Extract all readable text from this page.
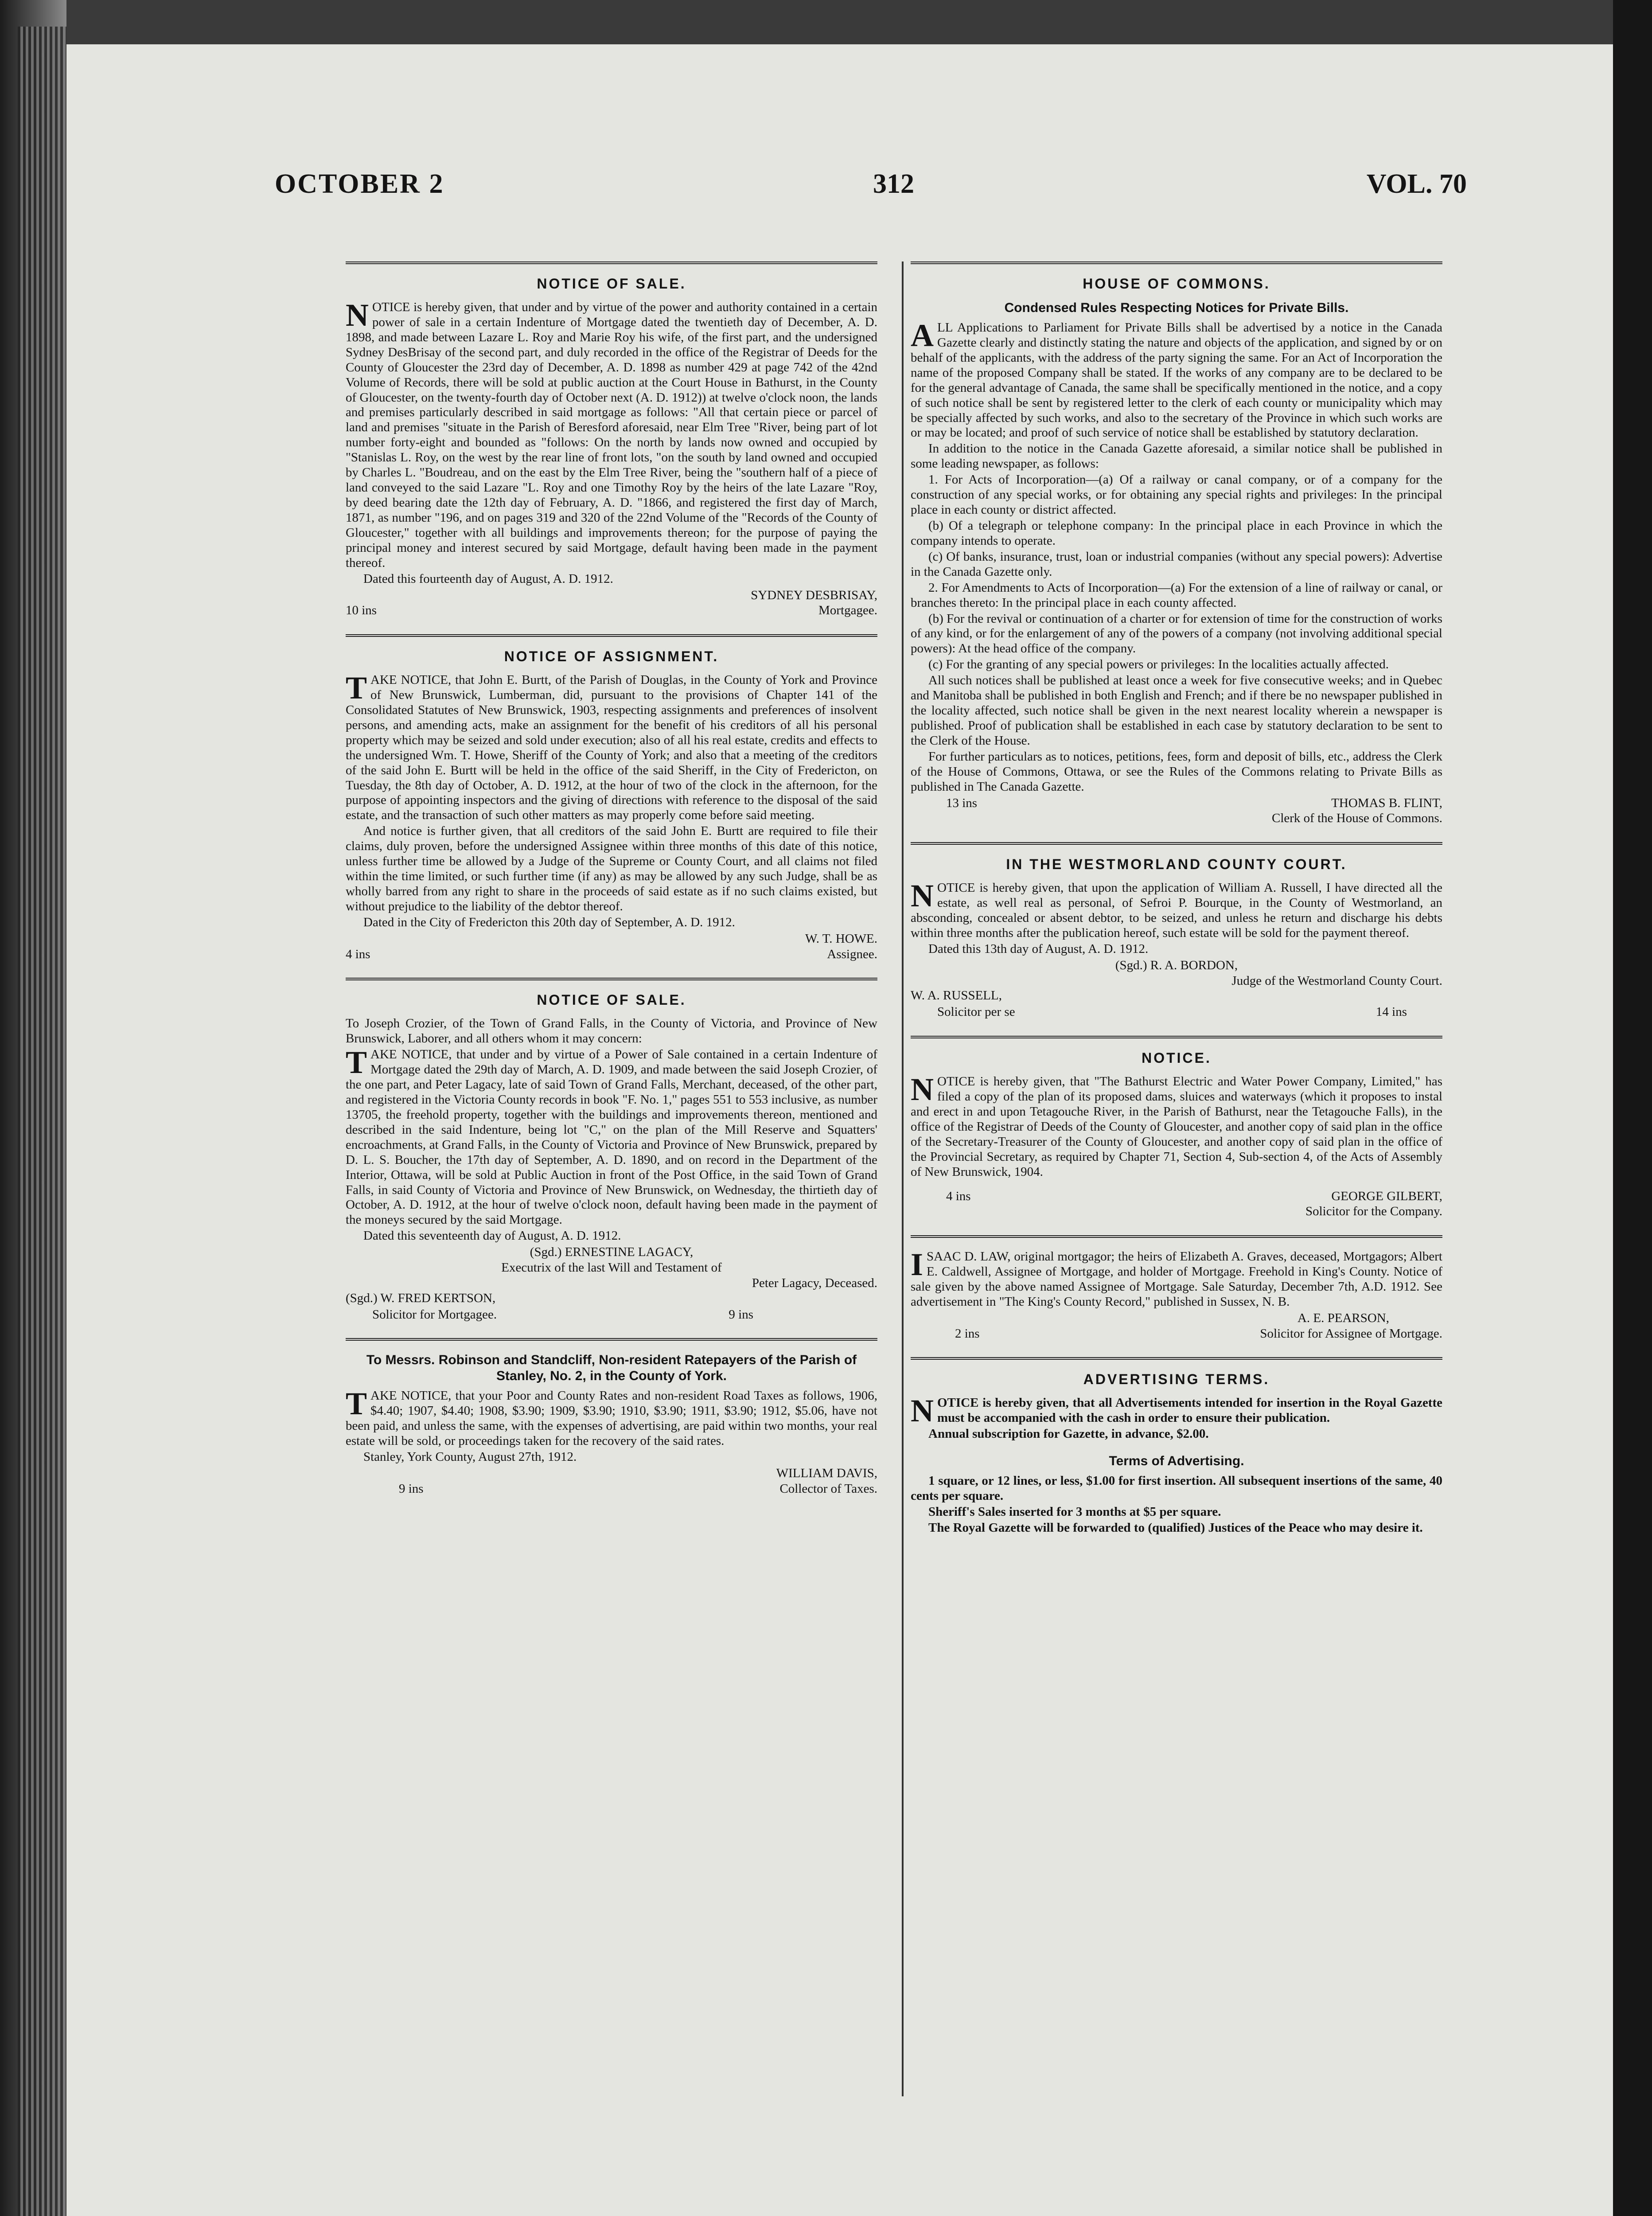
OCTOBER 2	312	VOL. 70
NOTICE OF SALE.
NOTICE is hereby given, that under and by virtue of the power and authority contained in a certain power of sale in a certain Indenture of Mortgage dated the twentieth day of December, A. D. 1898, and made between Lazare L. Roy and Marie Roy his wife, of the first part, and the undersigned Sydney DesBrisay of the second part, and duly recorded in the office of the Registrar of Deeds for the County of Gloucester the 23rd day of December, A. D. 1898 as number 429 at page 742 of the 42nd Volume of Records, there will be sold at public auction at the Court House in Bathurst, in the County of Gloucester, on the twenty-fourth day of October next (A. D. 1912)) at twelve o'clock noon, the lands and premises particularly described in said mortgage as follows: "All that certain piece or parcel of land and premises "situate in the Parish of Beresford aforesaid, near Elm Tree "River, being part of lot number forty-eight and bounded as "follows: On the north by lands now owned and occupied by "Stanislas L. Roy, on the west by the rear line of front lots, "on the south by land owned and occupied by Charles L. "Boudreau, and on the east by the Elm Tree River, being the "southern half of a piece of land conveyed to the said Lazare "L. Roy and one Timothy Roy by the heirs of the late Lazare "Roy, by deed bearing date the 12th day of February, A. D. "1866, and registered the first day of March, 1871, as number "196, and on pages 319 and 320 of the 22nd Volume of the "Records of the County of Gloucester," together with all buildings and improvements thereon; for the purpose of paying the principal money and interest secured by said Mortgage, default having been made in the payment thereof.
Dated this fourteenth day of August, A. D. 1912.
SYDNEY DESBRISAY,
10 ins	Mortgagee.
NOTICE OF ASSIGNMENT.
TAKE NOTICE, that John E. Burtt, of the Parish of Douglas, in the County of York and Province of New Brunswick, Lumberman, did, pursuant to the provisions of Chapter 141 of the Consolidated Statutes of New Brunswick, 1903, respecting assignments and preferences of insolvent persons, and amending acts, make an assignment for the benefit of his creditors of all his personal property which may be seized and sold under execution; also of all his real estate, credits and effects to the undersigned Wm. T. Howe, Sheriff of the County of York; and also that a meeting of the creditors of the said John E. Burtt will be held in the office of the said Sheriff, in the City of Fredericton, on Tuesday, the 8th day of October, A. D. 1912, at the hour of two of the clock in the afternoon, for the purpose of appointing inspectors and the giving of directions with reference to the disposal of the said estate, and the transaction of such other matters as may properly come before said meeting.
And notice is further given, that all creditors of the said John E. Burtt are required to file their claims, duly proven, before the undersigned Assignee within three months of this date of this notice, unless further time be allowed by a Judge of the Supreme or County Court, and all claims not filed within the time limited, or such further time (if any) as may be allowed by any such Judge, shall be as wholly barred from any right to share in the proceeds of said estate as if no such claims existed, but without prejudice to the liability of the debtor thereof.
Dated in the City of Fredericton this 20th day of September, A. D. 1912.
W. T. HOWE.
4 ins	Assignee.
NOTICE OF SALE.
To Joseph Crozier, of the Town of Grand Falls, in the County of Victoria, and Province of New Brunswick, Laborer, and all others whom it may concern:
TAKE NOTICE, that under and by virtue of a Power of Sale contained in a certain Indenture of Mortgage dated the 29th day of March, A. D. 1909, and made between the said Joseph Crozier, of the one part, and Peter Lagacy, late of said Town of Grand Falls, Merchant, deceased, of the other part, and registered in the Victoria County records in book "F. No. 1," pages 551 to 553 inclusive, as number 13705, the freehold property, together with the buildings and improvements thereon, mentioned and described in the said Indenture, being lot "C," on the plan of the Mill Reserve and Squatters' encroachments, at Grand Falls, in the County of Victoria and Province of New Brunswick, prepared by D. L. S. Boucher, the 17th day of September, A. D. 1890, and on record in the Department of the Interior, Ottawa, will be sold at Public Auction in front of the Post Office, in the said Town of Grand Falls, in said County of Victoria and Province of New Brunswick, on Wednesday, the thirtieth day of October, A. D. 1912, at the hour of twelve o'clock noon, default having been made in the payment of the moneys secured by the said Mortgage.
Dated this seventeenth day of August, A. D. 1912.
(Sgd.) ERNESTINE LAGACY,
Executrix of the last Will and Testament of
Peter Lagacy, Deceased.
(Sgd.) W. FRED KERTSON,
Solicitor for Mortgagee.	9 ins
To Messrs. Robinson and Standcliff, Non-resident Ratepayers of the Parish of Stanley, No. 2, in the County of York.
TAKE NOTICE, that your Poor and County Rates and non-resident Road Taxes as follows, 1906, $4.40; 1907, $4.40; 1908, $3.90; 1909, $3.90; 1910, $3.90; 1911, $3.90; 1912, $5.06, have not been paid, and unless the same, with the expenses of advertising, are paid within two months, your real estate will be sold, or proceedings taken for the recovery of the said rates.
Stanley, York County, August 27th, 1912.
WILLIAM DAVIS,
9 ins	Collector of Taxes.
HOUSE OF COMMONS.
Condensed Rules Respecting Notices for Private Bills.
ALL Applications to Parliament for Private Bills shall be advertised by a notice in the Canada Gazette clearly and distinctly stating the nature and objects of the application, and signed by or on behalf of the applicants, with the address of the party signing the same. For an Act of Incorporation the name of the proposed Company shall be stated. If the works of any company are to be declared to be for the general advantage of Canada, the same shall be specifically mentioned in the notice, and a copy of such notice shall be sent by registered letter to the clerk of each county or municipality which may be specially affected by such works, and also to the secretary of the Province in which such works are or may be located; and proof of such service of notice shall be established by statutory declaration.
In addition to the notice in the Canada Gazette aforesaid, a similar notice shall be published in some leading newspaper, as follows:
1. For Acts of Incorporation—(a) Of a railway or canal company, or of a company for the construction of any special works, or for obtaining any special rights and privileges: In the principal place in each county or district affected.
(b) Of a telegraph or telephone company: In the principal place in each Province in which the company intends to operate.
(c) Of banks, insurance, trust, loan or industrial companies (without any special powers): Advertise in the Canada Gazette only.
2. For Amendments to Acts of Incorporation—(a) For the extension of a line of railway or canal, or branches thereto: In the principal place in each county affected.
(b) For the revival or continuation of a charter or for extension of time for the construction of works of any kind, or for the enlargement of any of the powers of a company (not involving additional special powers): At the head office of the company.
(c) For the granting of any special powers or privileges: In the localities actually affected.
All such notices shall be published at least once a week for five consecutive weeks; and in Quebec and Manitoba shall be published in both English and French; and if there be no newspaper published in the locality affected, such notice shall be given in the next nearest locality wherein a newspaper is published. Proof of publication shall be established in each case by statutory declaration to be sent to the Clerk of the House.
For further particulars as to notices, petitions, fees, form and deposit of bills, etc., address the Clerk of the House of Commons, Ottawa, or see the Rules of the Commons relating to Private Bills as published in The Canada Gazette.
13 ins	THOMAS B. FLINT,
Clerk of the House of Commons.
IN THE WESTMORLAND COUNTY COURT.
NOTICE is hereby given, that upon the application of William A. Russell, I have directed all the estate, as well real as personal, of Sefroi P. Bourque, in the County of Westmorland, an absconding, concealed or absent debtor, to be seized, and unless he return and discharge his debts within three months after the publication hereof, such estate will be sold for the payment thereof.
Dated this 13th day of August, A. D. 1912.
(Sgd.) R. A. BORDON,
Judge of the Westmorland County Court.
W. A. RUSSELL,
Solicitor per se	14 ins
NOTICE.
NOTICE is hereby given, that "The Bathurst Electric and Water Power Company, Limited," has filed a copy of the plan of its proposed dams, sluices and waterways (which it proposes to instal and erect in and upon Tetagouche River, in the Parish of Bathurst, near the Tetagouche Falls), in the office of the Registrar of Deeds of the County of Gloucester, and another copy of said plan in the office of the Secretary-Treasurer of the County of Gloucester, and another copy of said plan in the office of the Provincial Secretary, as required by Chapter 71, Section 4, Sub-section 4, of the Acts of Assembly of New Brunswick, 1904.
4 ins	GEORGE GILBERT,
Solicitor for the Company.
ISAAC D. LAW, original mortgagor; the heirs of Elizabeth A. Graves, deceased, Mortgagors; Albert E. Caldwell, Assignee of Mortgage, and holder of Mortgage. Freehold in King's County. Notice of sale given by the above named Assignee of Mortgage. Sale Saturday, December 7th, A.D. 1912. See advertisement in "The King's County Record," published in Sussex, N. B.
A. E. PEARSON,
2 ins	Solicitor for Assignee of Mortgage.
ADVERTISING TERMS.
NOTICE is hereby given, that all Advertisements intended for insertion in the Royal Gazette must be accompanied with the cash in order to ensure their publication.
Annual subscription for Gazette, in advance, $2.00.
Terms of Advertising.
1 square, or 12 lines, or less, $1.00 for first insertion. All subsequent insertions of the same, 40 cents per square.
Sheriff's Sales inserted for 3 months at $5 per square.
The Royal Gazette will be forwarded to (qualified) Justices of the Peace who may desire it.
